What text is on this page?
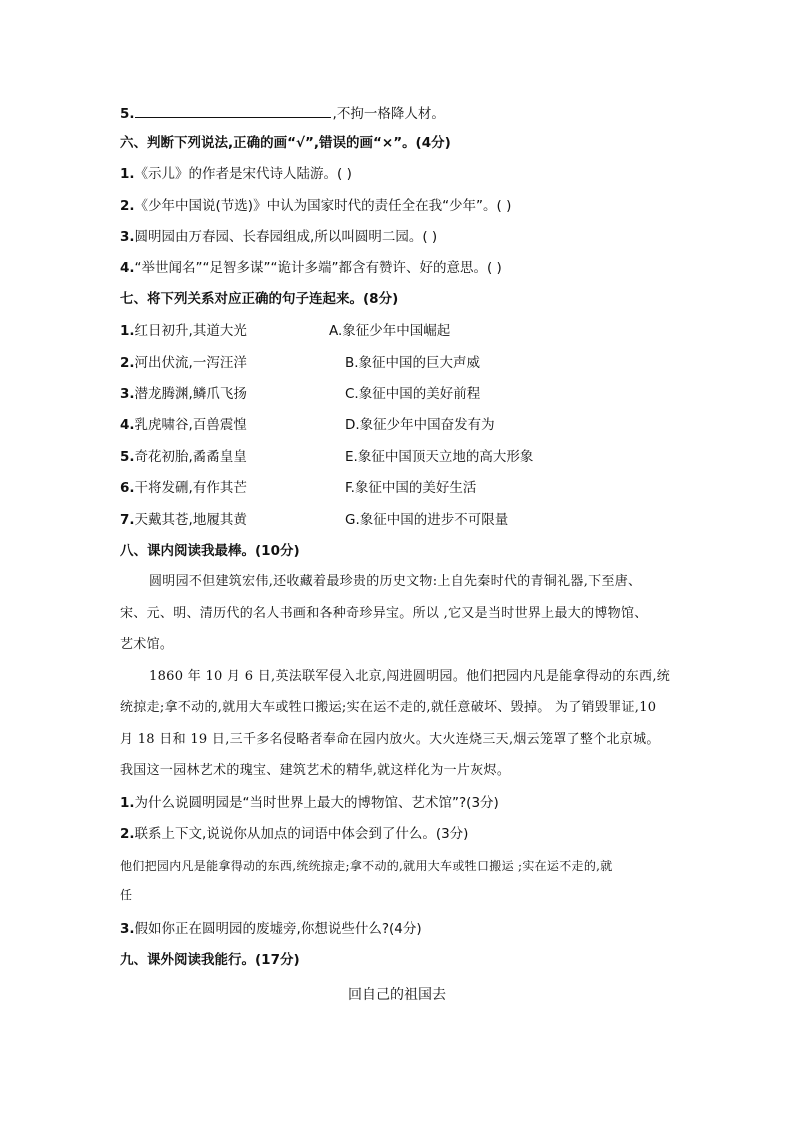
5.	,不拘一格降人材。
六、判断下列说法,正确的画“√”,错误的画“×”。(4分)
1.《示儿》的作者是宋代诗人陆游。( )
2.《少年中国说(节选)》中认为国家时代的责任全在我“少年”。( )
3.圆明园由万春园、长春园组成,所以叫圆明二园。( )
4.“举世闻名”“足智多谋”“诡计多端”都含有赞许、好的意思。( )
七、将下列关系对应正确的句子连起来。(8分)
1.红日初升,其道大光
2.河出伏流,一泻汪洋
3.潜龙腾渊,鳞爪飞扬
4.乳虎啸谷,百兽震惶
5.奇花初胎,矞矞皇皇
6.干将发硎,有作其芒
7.天戴其苍,地履其黄
A.象征少年中国崛起
B.象征中国的巨大声威
C.象征中国的美好前程
D.象征少年中国奋发有为
E.象征中国顶天立地的高大形象
F.象征中国的美好生活
G.象征中国的进步不可限量
八、课内阅读我最棒。(10分)
圆明园不但建筑宏伟,还收藏着最珍贵的历史文物:上自先秦时代的青铜礼器,下至唐、
宋、元、明、清历代的名人书画和各种奇珍异宝。所以 ,它又是当时世界上最大的博物馆、
艺术馆。
1860 年 10 月 6 日,英法联军侵入北京,闯进圆明园。他们把园内凡是能拿得动的东西,统
统掠走;拿不动的,就用大车或牲口搬运;实在运不走的,就任意破坏、毁掉。 为了销毁罪证,10
月 18 日和 19 日,三千多名侵略者奉命在园内放火。大火连烧三天,烟云笼罩了整个北京城。
我国这一园林艺术的瑰宝、建筑艺术的精华,就这样化为一片灰烬。
1.为什么说圆明园是“当时世界上最大的博物馆、艺术馆”?(3分)
2.联系上下文,说说你从加点的词语中体会到了什么。(3分)
他们把园内凡是能拿得动的东西,统统掠走;拿不动的,就用大车或牲口搬运 ;实在运不走的,就
任
3.假如你正在圆明园的废墟旁,你想说些什么?(4分)
九、课外阅读我能行。(17分)
回自己的祖国去
